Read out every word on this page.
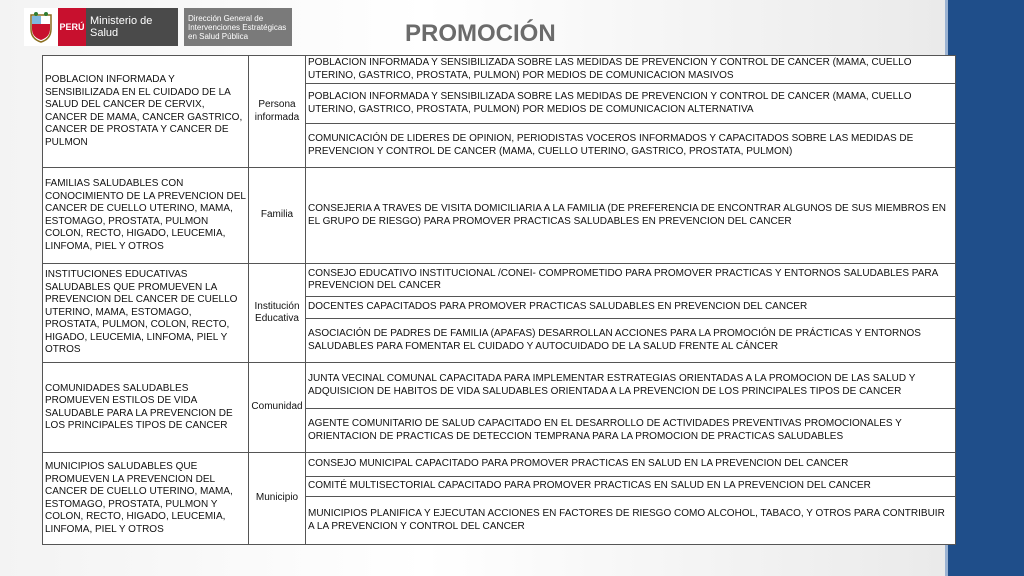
PERÚ Ministerio de Salud
Dirección General de Intervenciones Estratégicas en Salud Pública	PROMOCIÓN
POBLACION INFORMADA Y SENSIBILIZADA EN EL CUIDADO DE LA SALUD DEL CANCER DE CERVIX, CANCER DE MAMA, CANCER GASTRICO, CANCER DE PROSTATA Y CANCER DE PULMON	Persona informada	POBLACION INFORMADA Y SENSIBILIZADA SOBRE LAS MEDIDAS DE PREVENCION Y CONTROL DE CANCER (MAMA, CUELLO UTERINO, GASTRICO, PROSTATA, PULMON) POR MEDIOS DE COMUNICACION MASIVOS
		POBLACION INFORMADA Y SENSIBILIZADA SOBRE LAS MEDIDAS DE PREVENCION Y CONTROL DE CANCER (MAMA, CUELLO UTERINO, GASTRICO, PROSTATA, PULMON) POR MEDIOS DE COMUNICACION ALTERNATIVA
		COMUNICACIÓN DE LIDERES DE OPINION, PERIODISTAS VOCEROS INFORMADOS Y CAPACITADOS SOBRE LAS MEDIDAS DE PREVENCION Y CONTROL DE CANCER (MAMA, CUELLO UTERINO, GASTRICO, PROSTATA, PULMON)
FAMILIAS SALUDABLES CON CONOCIMIENTO DE LA PREVENCION DEL CANCER DE CUELLO UTERINO, MAMA, ESTOMAGO, PROSTATA, PULMON COLON, RECTO, HIGADO, LEUCEMIA, LINFOMA, PIEL Y OTROS	Familia	CONSEJERIA A TRAVES DE VISITA DOMICILIARIA A LA FAMILIA (DE PREFERENCIA DE ENCONTRAR ALGUNOS DE SUS MIEMBROS EN EL GRUPO DE RIESGO) PARA PROMOVER PRACTICAS SALUDABLES EN PREVENCION DEL CANCER
INSTITUCIONES EDUCATIVAS SALUDABLES QUE PROMUEVEN LA PREVENCION DEL CANCER DE CUELLO UTERINO, MAMA, ESTOMAGO, PROSTATA, PULMON, COLON, RECTO, HIGADO, LEUCEMIA, LINFOMA, PIEL Y OTROS	Institución Educativa	CONSEJO EDUCATIVO INSTITUCIONAL /CONEI- COMPROMETIDO PARA PROMOVER PRACTICAS Y ENTORNOS SALUDABLES PARA PREVENCION DEL CANCER
		DOCENTES CAPACITADOS PARA PROMOVER PRACTICAS SALUDABLES EN PREVENCION DEL CANCER
		ASOCIACIÓN DE PADRES DE FAMILIA (APAFAS) DESARROLLAN ACCIONES PARA LA PROMOCIÓN DE PRÁCTICAS Y ENTORNOS SALUDABLES PARA FOMENTAR EL CUIDADO Y AUTOCUIDADO DE LA SALUD FRENTE AL CÁNCER
COMUNIDADES SALUDABLES PROMUEVEN ESTILOS DE VIDA SALUDABLE PARA LA PREVENCION DE LOS PRINCIPALES TIPOS DE CANCER	Comunidad	JUNTA VECINAL COMUNAL CAPACITADA PARA IMPLEMENTAR ESTRATEGIAS ORIENTADAS A LA PROMOCION DE LAS SALUD Y ADQUISICION DE HABITOS DE VIDA SALUDABLES ORIENTADA A LA PREVENCION DE LOS PRINCIPALES TIPOS DE CANCER
		AGENTE COMUNITARIO DE SALUD CAPACITADO EN EL DESARROLLO DE ACTIVIDADES PREVENTIVAS PROMOCIONALES Y ORIENTACION DE PRACTICAS DE DETECCION TEMPRANA PARA LA PROMOCION DE PRACTICAS SALUDABLES
MUNICIPIOS SALUDABLES QUE PROMUEVEN LA PREVENCION DEL CANCER DE CUELLO UTERINO, MAMA, ESTOMAGO, PROSTATA, PULMON Y COLON, RECTO, HIGADO, LEUCEMIA, LINFOMA, PIEL Y OTROS	Municipio	CONSEJO MUNICIPAL CAPACITADO PARA PROMOVER PRACTICAS EN SALUD EN LA PREVENCION DEL CANCER
		COMITÉ MULTISECTORIAL CAPACITADO PARA PROMOVER PRACTICAS EN SALUD EN LA PREVENCION DEL CANCER
		MUNICIPIOS PLANIFICA Y EJECUTAN ACCIONES EN FACTORES DE RIESGO COMO ALCOHOL, TABACO, Y OTROS PARA CONTRIBUIR A LA PREVENCION Y CONTROL DEL CANCER
